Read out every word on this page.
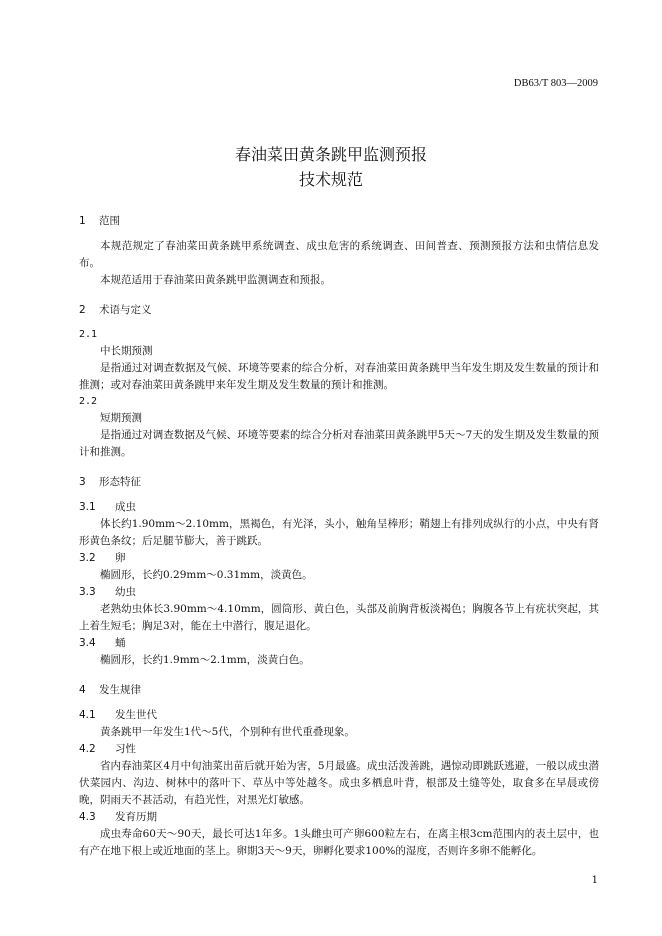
DB63/T 803—2009
春油菜田黄条跳甲监测预报
技术规范
1 范围

本规范规定了春油菜田黄条跳甲系统调查、成虫危害的系统调查、田间普查、预测预报方法和虫情信息发布。

本规范适用于春油菜田黄条跳甲监测调查和预报。

2 术语与定义
2.1
中长期预测

是指通过对调查数据及气候、环境等要素的综合分析，对春油菜田黄条跳甲当年发生期及发生数量的预计和推测；或对春油菜田黄条跳甲来年发生期及发生数量的预计和推测。

2.2
短期预测

是指通过对调查数据及气候、环境等要素的综合分析对春油菜田黄条跳甲5天～7天的发生期及发生数量的预计和推测。

3 形态特征
3.1 成虫

体长约1.90mm～2.10mm，黑褐色，有光泽，头小，触角呈棒形；鞘翅上有排列成纵行的小点，中央有肾形黄色条纹；后足腿节膨大，善于跳跃。

3.2 卵

椭圆形，长约0.29mm～0.31mm，淡黄色。

3.3 幼虫

老熟幼虫体长3.90mm～4.10mm，圆筒形、黄白色，头部及前胸背板淡褐色；胸腹各节上有疣状突起，其上着生短毛；胸足3对，能在土中潜行，腹足退化。

3.4 蛹

椭圆形，长约1.9mm～2.1mm，淡黄白色。

4 发生规律
4.1 发生世代

黄条跳甲一年发生1代～5代，个别种有世代重叠现象。

4.2 习性

省内春油菜区4月中旬油菜出苗后就开始为害，5月最盛。成虫活泼善跳，遇惊动即跳跃逃避，一般以成虫潜伏菜园内、沟边、树林中的落叶下、草丛中等处越冬。成虫多栖息叶背，根部及土缝等处，取食多在早晨或傍晚，阴雨天不甚活动，有趋光性，对黑光灯敏感。

4.3 发育历期

成虫寿命60天～90天，最长可达1年多。1头雌虫可产卵600粒左右，在离主根3cm范围内的表土层中，也有产在地下根上或近地面的茎上。卵期3天～9天，卵孵化要求100%的湿度，否则许多卵不能孵化。

1
